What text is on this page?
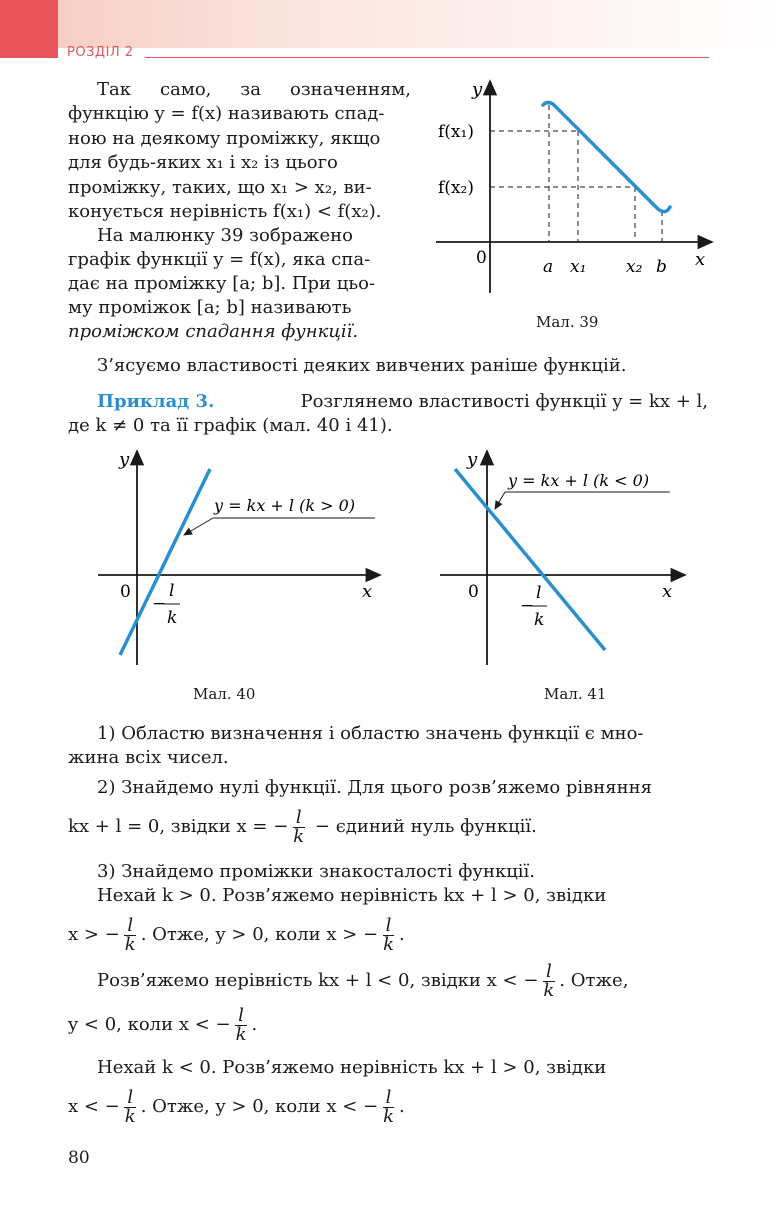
РОЗДІЛ 2
Так само, за означенням,
функцію y = f(x) називають спад-
ною на деякому проміжку, якщо
для будь-яких x₁ і x₂ із цього
проміжку, таких, що x₁ > x₂, ви-
конується нерівність f(x₁) < f(x₂).
На малюнку 39 зображено
графік функції y = f(x), яка спа-
дає на проміжку [a; b]. При цьо-
му проміжок [a; b] називають
проміжком спадання функції.
y
x
0
f(x₁)
f(x₂)
a x₁ x₂ b
Мал. 39
З’ясуємо властивості деяких вивчених раніше функцій.
Приклад 3.	Розглянемо властивості функції y = kx + l,
де k ≠ 0 та її графік (мал. 40 і 41).
y
x
0
y = kx + l (k > 0)
−
l
k
Мал. 40
y
x
0
y = kx + l (k < 0)
−
l
k
Мал. 41
1) Областю визначення і областю значень функції є мно-
жина всіх чисел.
2) Знайдемо нулі функції. Для цього розв’яжемо рівняння
kx + l = 0, звідки x = − $\frac{l}{k}$ − єдиний нуль функції.
3) Знайдемо проміжки знакосталості функції.
Нехай k > 0. Розв’яжемо нерівність kx + l > 0, звідки
x > − $\frac{l}{k}$ . Отже, y > 0, коли x > − $\frac{l}{k}$ .
Розв’яжемо нерівність kx + l < 0, звідки x < − $\frac{l}{k}$ . Отже,
y < 0, коли x < − $\frac{l}{k}$ .
Нехай k < 0. Розв’яжемо нерівність kx + l > 0, звідки
x < − $\frac{l}{k}$ . Отже, y > 0, коли x < − $\frac{l}{k}$ .
80
